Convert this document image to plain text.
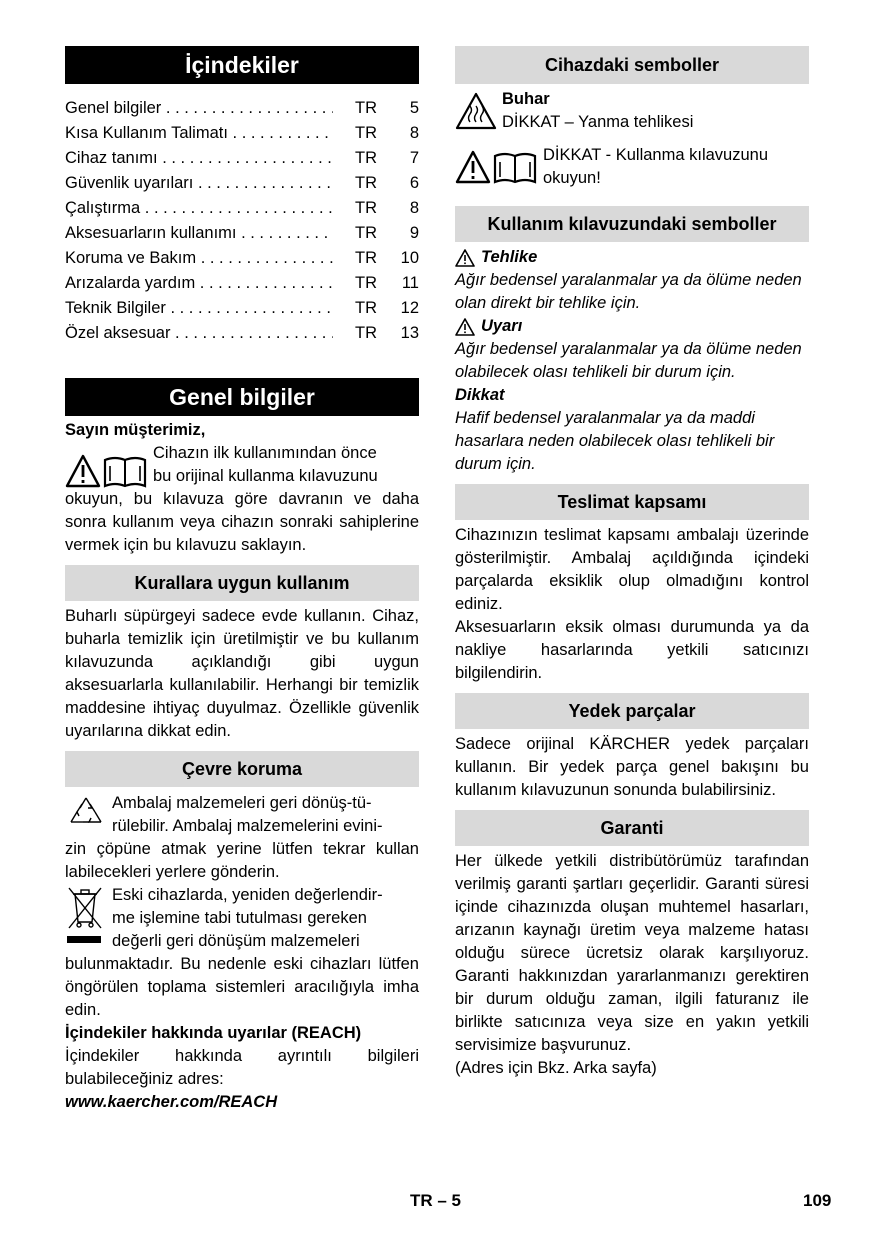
İçindekiler
Genel bilgiler . . .	TR	5
Kısa Kullanım Talimatı . . .	TR	8
Cihaz tanımı . . .	TR	7
Güvenlik uyarıları . . .	TR	6
Çalıştırma . . .	TR	8
Aksesuarların kullanımı . . .	TR	9
Koruma ve Bakım . . .	TR	10
Arızalarda yardım . . .	TR	11
Teknik Bilgiler . . .	TR	12
Özel aksesuar . . .	TR	13
Genel bilgiler

Sayın müşterimiz,

Cihazın ilk kullanımından önce

bu orijinal kullanma kılavuzunu

okuyun, bu kılavuza göre davranın ve daha sonra kullanım veya cihazın sonraki sahiplerine vermek için bu kılavuzu saklayın.

Kurallara uygun kullanım

Buharlı süpürgeyi sadece evde kullanın. Cihaz, buharla temizlik için üretilmiştir ve bu kullanım kılavuzunda açıklandığı gibi uygun aksesuarlarla kullanılabilir. Herhangi bir temizlik maddesine ihtiyaç duyulmaz. Özellikle güvenlik uyarılarına dikkat edin.

Çevre koruma

Ambalaj malzemeleri geri dönüş-tü-

rülebilir. Ambalaj malzemelerini evini-

zin çöpüne atmak yerine lütfen tekrar kullan labilecekleri yerlere gönderin.

Eski cihazlarda, yeniden değerlendir-

me işlemine tabi tutulması gereken

değerli geri dönüşüm malzemeleri

bulunmaktadır. Bu nedenle eski cihazları lütfen öngörülen toplama sistemleri aracılığıyla imha edin.

İçindekiler hakkında uyarılar (REACH)

İçindekiler hakkında ayrıntılı bilgileri bulabileceğiniz adres:

www.kaercher.com/REACH

Cihazdaki semboller

Buhar

DİKKAT – Yanma tehlikesi

DİKKAT - Kullanma kılavuzunu

okuyun!

Kullanım kılavuzundaki semboller
Tehlike

Ağır bedensel yaralanmalar ya da ölüme neden olan direkt bir tehlike için.

Uyarı

Ağır bedensel yaralanmalar ya da ölüme neden olabilecek olası tehlikeli bir durum için.

Dikkat

Hafif bedensel yaralanmalar ya da maddi hasarlara neden olabilecek olası tehlikeli bir durum için.

Teslimat kapsamı

Cihazınızın teslimat kapsamı ambalajı üzerinde gösterilmiştir. Ambalaj açıldığında içindeki parçalarda eksiklik olup olmadığını kontrol ediniz.

Aksesuarların eksik olması durumunda ya da nakliye hasarlarında yetkili satıcınızı bilgilendirin.

Yedek parçalar

Sadece orijinal KÄRCHER yedek parçaları kullanın. Bir yedek parça genel bakışını bu kullanım kılavuzunun sonunda bulabilirsiniz.

Garanti

Her ülkede yetkili distribütörümüz tarafından verilmiş garanti şartları geçerlidir. Garanti süresi içinde cihazınızda oluşan muhtemel hasarları, arızanın kaynağı üretim veya malzeme hatası olduğu sürece ücretsiz olarak karşılıyoruz. Garanti hakkınızdan yararlanmanızı gerektiren bir durum olduğu zaman, ilgili faturanız ile birlikte satıcınıza veya size en yakın yetkili servisimize başvurunuz.

(Adres için Bkz. Arka sayfa)

TR – 5	109
